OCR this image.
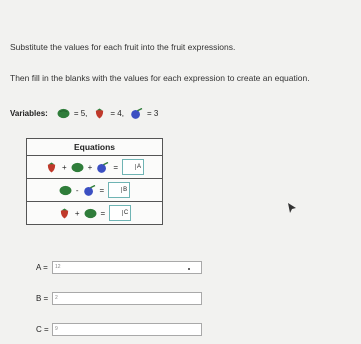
Substitute the values for each fruit into the fruit expressions.
Then fill in the blanks with the values for each expression to create an equation.
Variables:	= 5,	= 4,	= 3
Equations

+	+	=	A

-	=	B

+	=	C
A =	12
B =	2
C =	9
